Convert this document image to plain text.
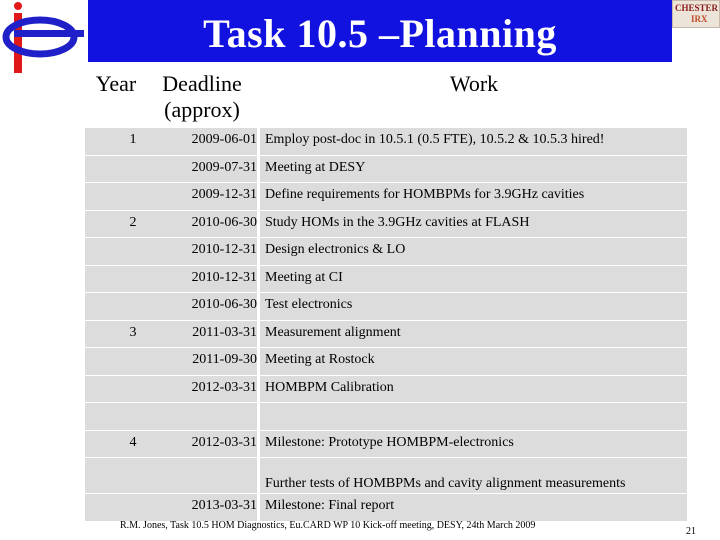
Task 10.5 –Planning
CHESTER
IRX
Year	Deadline
(approx)
Work
1	2009-06-01 Employ post-doc in 10.5.1 (0.5 FTE), 10.5.2 & 10.5.3 hired!
2009-07-31 Meeting at DESY
2009-12-31 Define requirements for HOMBPMs for 3.9GHz cavities
2	2010-06-30 Study HOMs in the 3.9GHz cavities at FLASH
2010-12-31 Design electronics & LO
2010-12-31 Meeting at CI
2010-06-30 Test electronics
3	2011-03-31 Measurement alignment
2011-09-30 Meeting at Rostock
2012-03-31 HOMBPM Calibration
4	2012-03-31 Milestone: Prototype HOMBPM-electronics
Further tests of HOMBPMs and cavity alignment measurements
2013-03-31 Milestone: Final report
R.M. Jones, Task 10.5 HOM Diagnostics, Eu.CARD WP 10 Kick-off meeting, DESY, 24th March 2009
21
